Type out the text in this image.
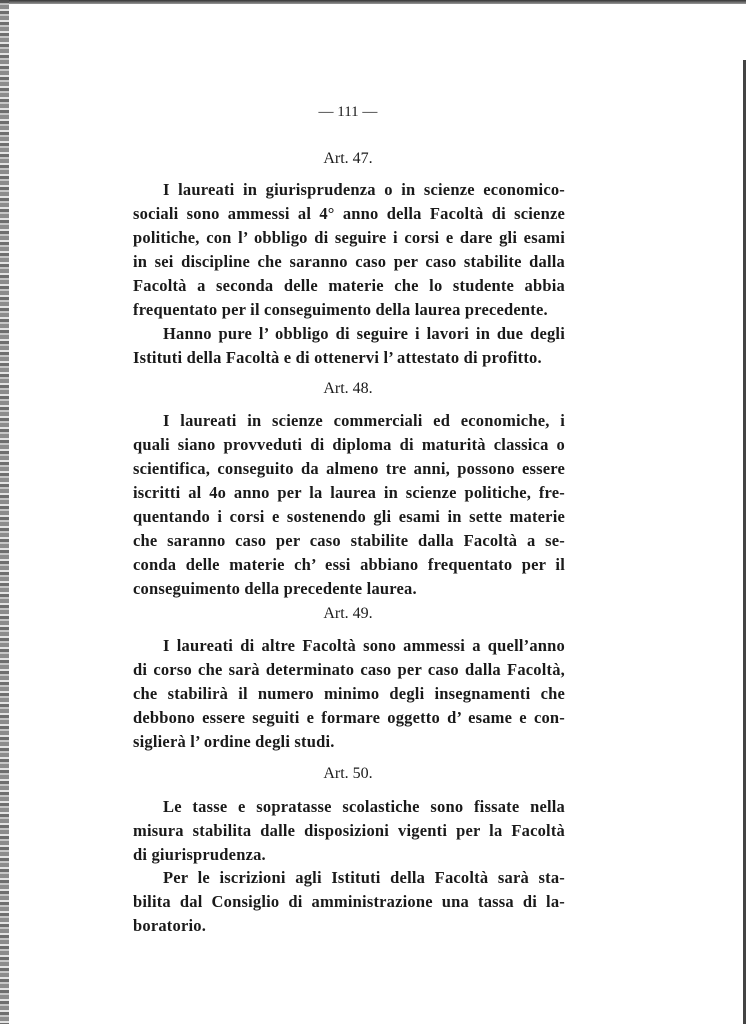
— 111 —
Art. 47.
I laureati in giurisprudenza o in scienze economico-
sociali sono ammessi al 4° anno della Facoltà di scienze
politiche, con l’ obbligo di seguire i corsi e dare gli esami
in sei discipline che saranno caso per caso stabilite dalla
Facoltà a seconda delle materie che lo studente abbia
frequentato per il conseguimento della laurea precedente.
Hanno pure l’ obbligo di seguire i lavori in due degli
Istituti della Facoltà e di ottenervi l’ attestato di profitto.
Art. 48.
I laureati in scienze commerciali ed economiche, i
quali siano provveduti di diploma di maturità classica o
scientifica, conseguito da almeno tre anni, possono essere
iscritti al 4o anno per la laurea in scienze politiche, fre-
quentando i corsi e sostenendo gli esami in sette materie
che saranno caso per caso stabilite dalla Facoltà a se-
conda delle materie ch’ essi abbiano frequentato per il
conseguimento della precedente laurea.
Art. 49.
I laureati di altre Facoltà sono ammessi a quell’anno
di corso che sarà determinato caso per caso dalla Facoltà,
che stabilirà il numero minimo degli insegnamenti che
debbono essere seguiti e formare oggetto d’ esame e con-
siglierà l’ ordine degli studi.
Art. 50.
Le tasse e sopratasse scolastiche sono fissate nella
misura stabilita dalle disposizioni vigenti per la Facoltà
di giurisprudenza.
Per le iscrizioni agli Istituti della Facoltà sarà sta-
bilita dal Consiglio di amministrazione una tassa di la-
boratorio.
